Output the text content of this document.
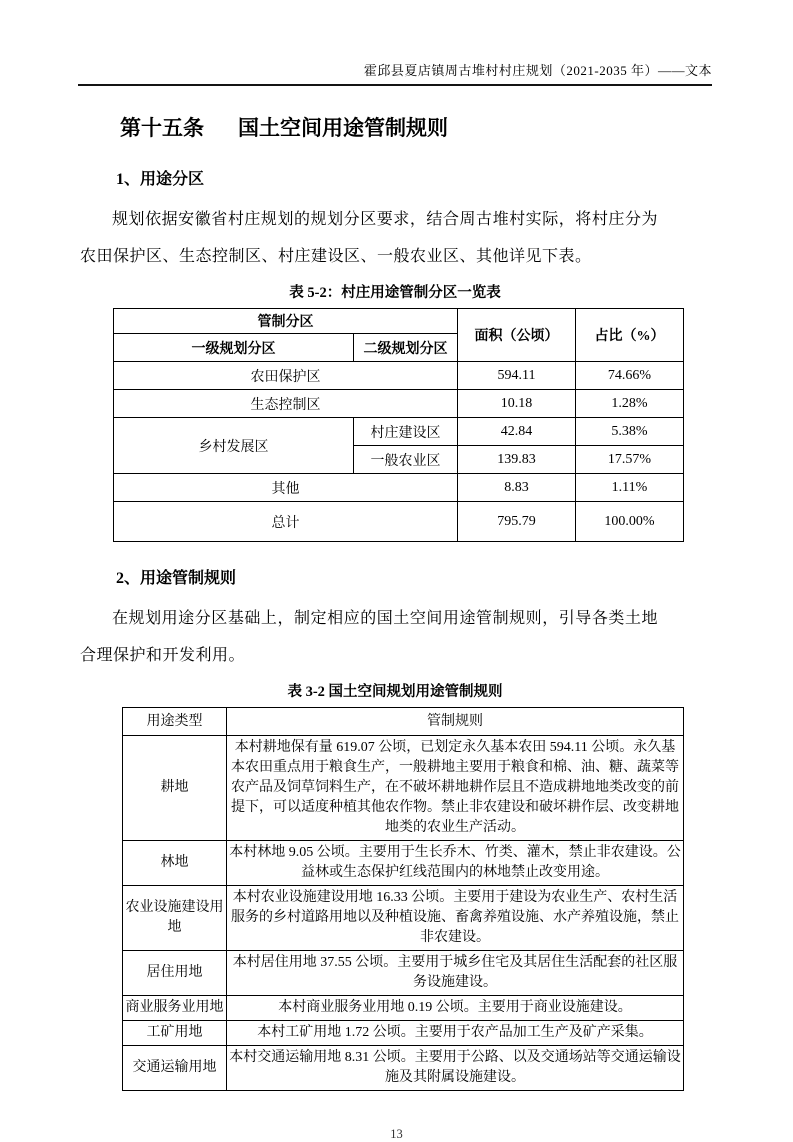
霍邱县夏店镇周古堆村村庄规划（2021-2035 年）——文本
第十五条 国土空间用途管制规则
1、用途分区

规划依据安徽省村庄规划的规划分区要求，结合周古堆村实际，将村庄分为农田保护区、生态控制区、村庄建设区、一般农业区、其他详见下表。

表 5-2：村庄用途管制分区一览表
管制分区		面积（公顷）	占比（%）
一级规划分区	二级规划分区		
农田保护区		594.11	74.66%
生态控制区		10.18	1.28%
乡村发展区	村庄建设区	42.84	5.38%
	一般农业区	139.83	17.57%
其他		8.83	1.11%
总计		795.79	100.00%
2、用途管制规则

在规划用途分区基础上，制定相应的国土空间用途管制规则，引导各类土地合理保护和开发利用。

表 3-2 国土空间规划用途管制规则
用途类型	管制规则
耕地	本村耕地保有量 619.07 公顷，已划定永久基本农田 594.11 公顷。永久基本农田重点用于粮食生产，一般耕地主要用于粮食和棉、油、糖、蔬菜等农产品及饲草饲料生产，在不破坏耕地耕作层且不造成耕地地类改变的前提下，可以适度种植其他农作物。禁止非农建设和破坏耕作层、改变耕地地类的农业生产活动。
林地	本村林地 9.05 公顷。主要用于生长乔木、竹类、灌木，禁止非农建设。公益林或生态保护红线范围内的林地禁止改变用途。
农业设施建设用地	本村农业设施建设用地 16.33 公顷。主要用于建设为农业生产、农村生活服务的乡村道路用地以及种植设施、畜禽养殖设施、水产养殖设施，禁止非农建设。
居住用地	本村居住用地 37.55 公顷。主要用于城乡住宅及其居住生活配套的社区服务设施建设。
商业服务业用地	本村商业服务业用地 0.19 公顷。主要用于商业设施建设。
工矿用地	本村工矿用地 1.72 公顷。主要用于农产品加工生产及矿产采集。
交通运输用地	本村交通运输用地 8.31 公顷。主要用于公路、以及交通场站等交通运输设施及其附属设施建设。
13
